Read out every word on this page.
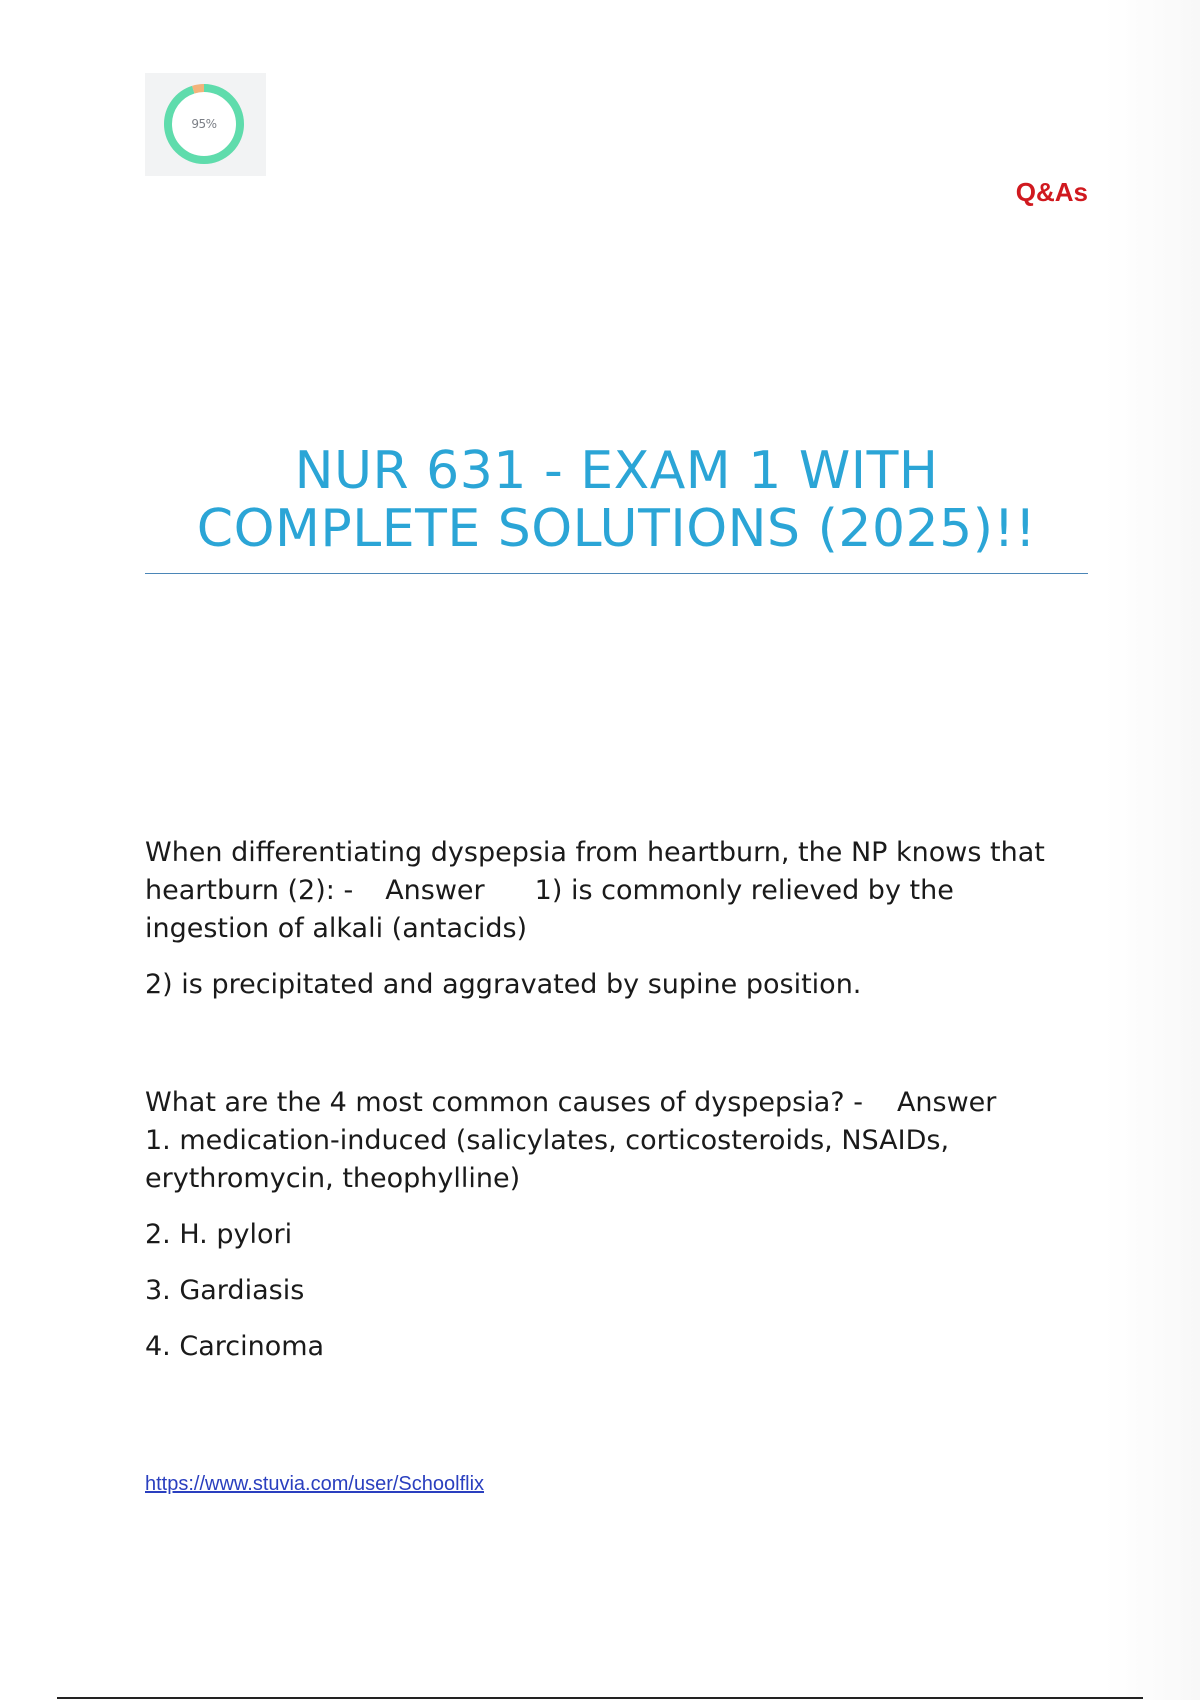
95%
Q&As
NUR 631 - EXAM 1 WITH
COMPLETE SOLUTIONS (2025)!!

When differentiating dyspepsia from heartburn, the NP knows that
heartburn (2): - Answer 1) is commonly relieved by the
ingestion of alkali (antacids)

2) is precipitated and aggravated by supine position.

What are the 4 most common causes of dyspepsia? - Answer
1. medication-induced (salicylates, corticosteroids, NSAIDs,
erythromycin, theophylline)

2. H. pylori

3. Gardiasis

4. Carcinoma

https://www.stuvia.com/user/Schoolflix
